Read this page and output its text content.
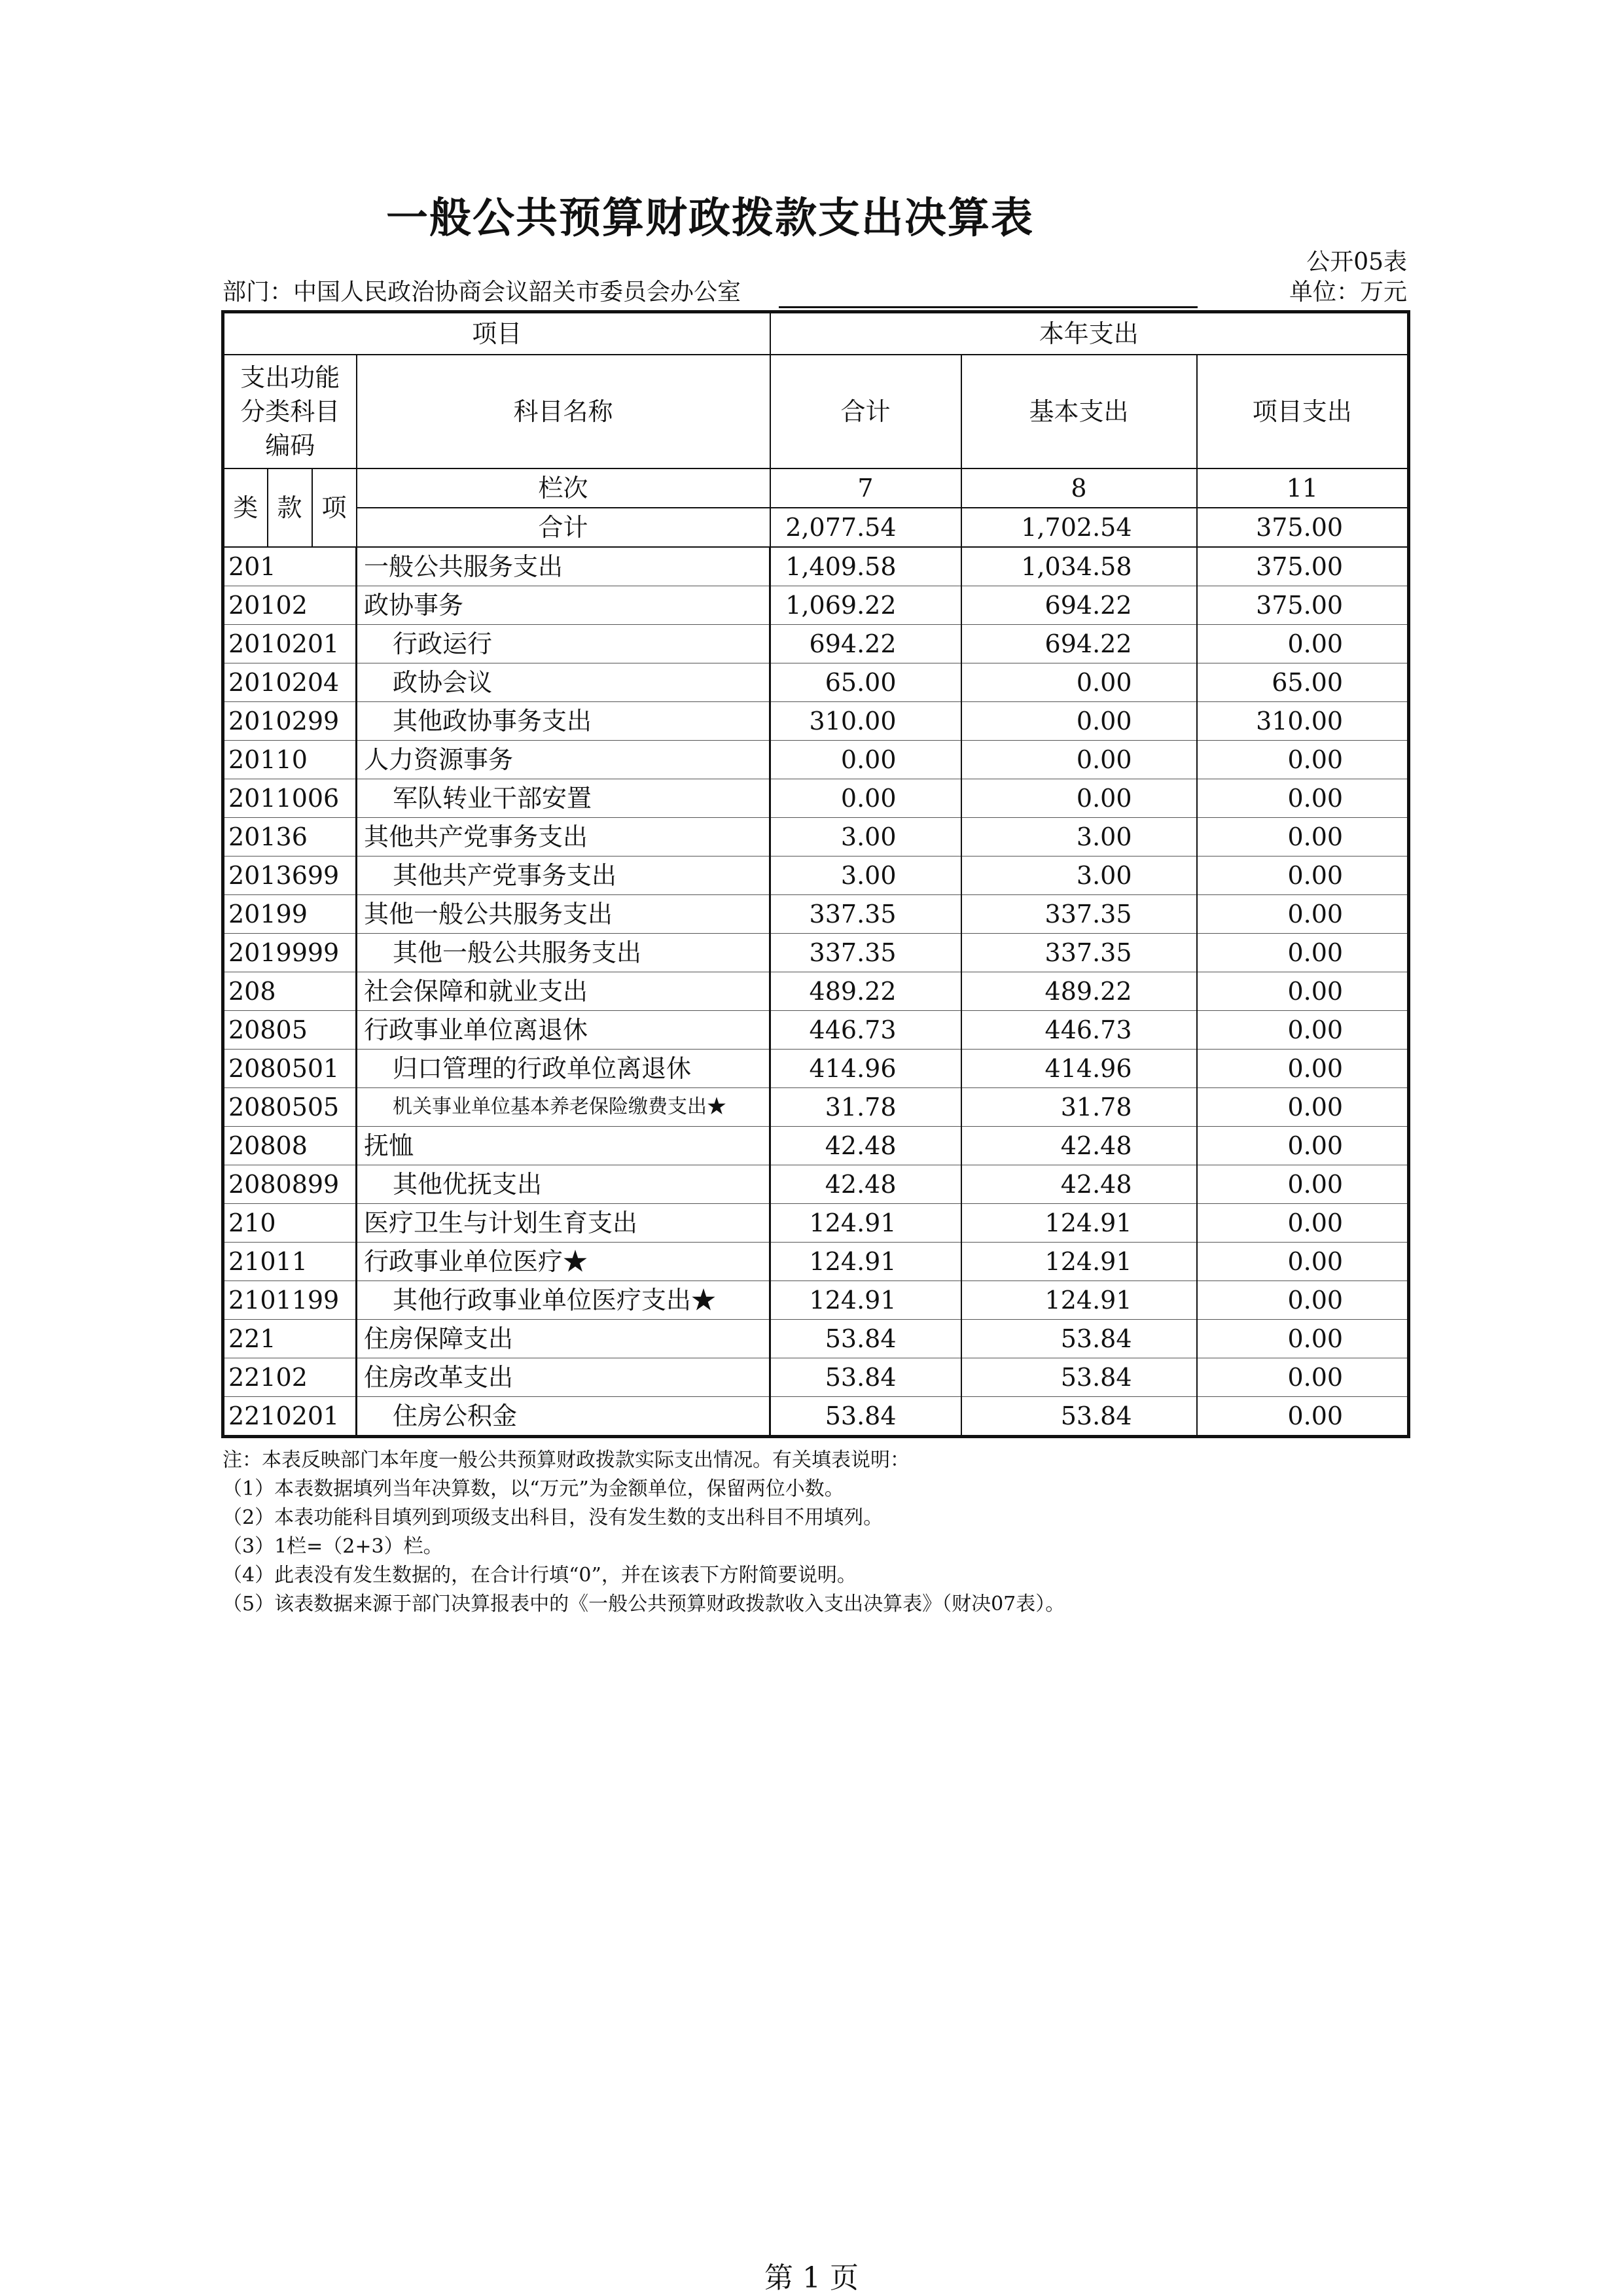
一般公共预算财政拨款支出决算表
公开05表
部门：中国人民政治协商会议韶关市委员会办公室	单位：万元
项目				本年支出		

支出功能
分类科目
编码			科目名称	合计	基本支出	项目支出
类	款	项	栏次	7	8	11
			合计	2,077.54	1,702.54	375.00
201			一般公共服务支出	1,409.58	1,034.58	375.00
20102			政协事务	1,069.22	694.22	375.00
2010201			行政运行	694.22	694.22	0.00
2010204			政协会议	65.00	0.00	65.00
2010299			其他政协事务支出	310.00	0.00	310.00
20110			人力资源事务	0.00	0.00	0.00
2011006			军队转业干部安置	0.00	0.00	0.00
20136			其他共产党事务支出	3.00	3.00	0.00
2013699			其他共产党事务支出	3.00	3.00	0.00
20199			其他一般公共服务支出	337.35	337.35	0.00
2019999			其他一般公共服务支出	337.35	337.35	0.00
208			社会保障和就业支出	489.22	489.22	0.00
20805			行政事业单位离退休	446.73	446.73	0.00
2080501			归口管理的行政单位离退休	414.96	414.96	0.00
2080505			机关事业单位基本养老保险缴费支出★	31.78	31.78	0.00
20808			抚恤	42.48	42.48	0.00
2080899			其他优抚支出	42.48	42.48	0.00
210			医疗卫生与计划生育支出	124.91	124.91	0.00
21011			行政事业单位医疗★	124.91	124.91	0.00
2101199			其他行政事业单位医疗支出★	124.91	124.91	0.00
221			住房保障支出	53.84	53.84	0.00
22102			住房改革支出	53.84	53.84	0.00
2210201			住房公积金	53.84	53.84	0.00
注：本表反映部门本年度一般公共预算财政拨款实际支出情况。有关填表说明：
（1）本表数据填列当年决算数，以“万元”为金额单位，保留两位小数。
（2）本表功能科目填列到项级支出科目，没有发生数的支出科目不用填列。
（3）1栏=（2+3）栏。
（4）此表没有发生数据的，在合计行填“0”，并在该表下方附简要说明。
（5）该表数据来源于部门决算报表中的《一般公共预算财政拨款收入支出决算表》（财决07表）。
第 1 页
